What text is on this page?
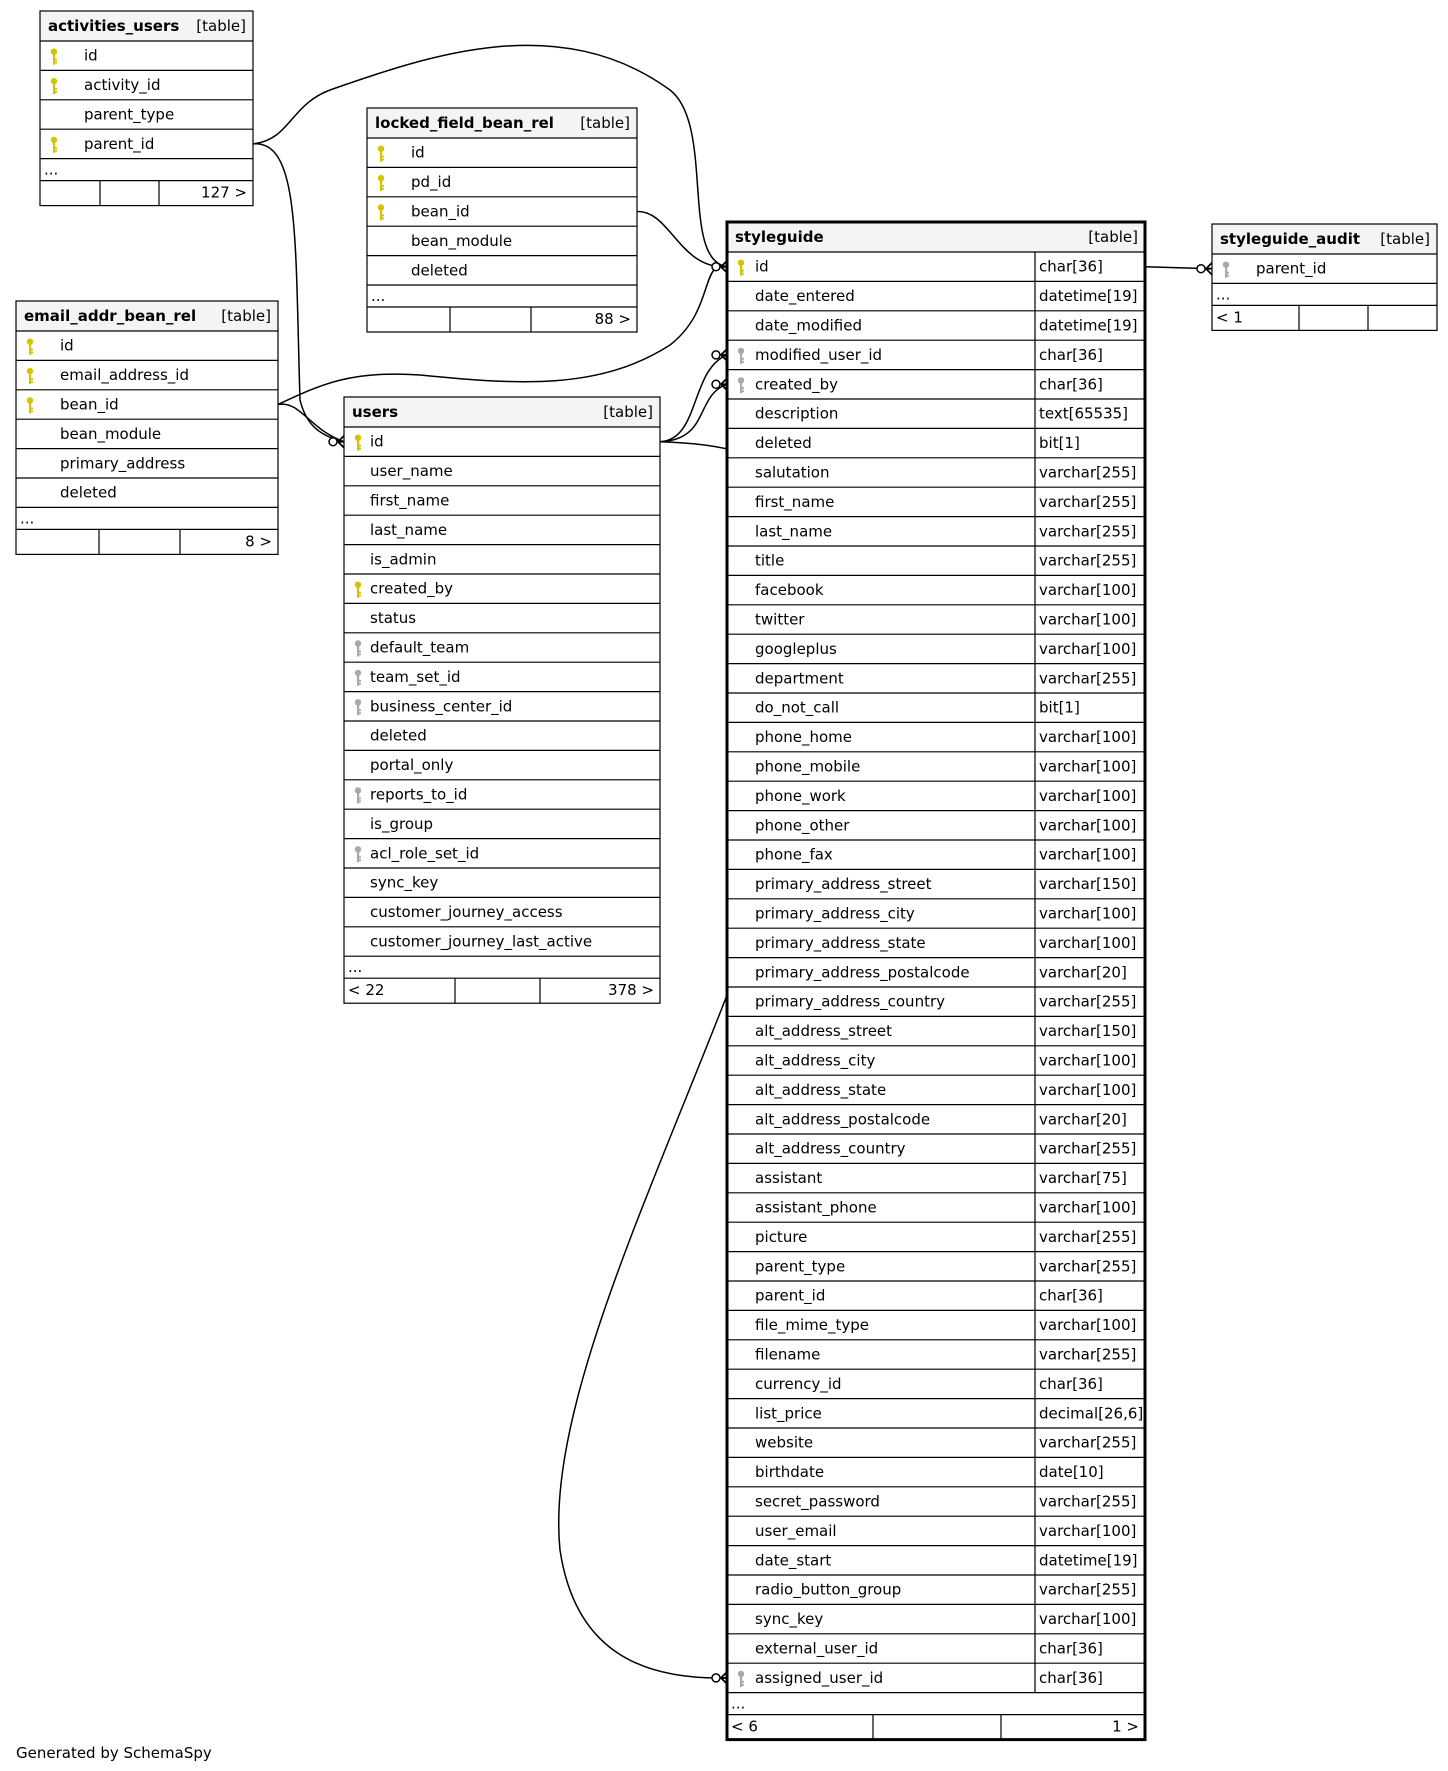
activities_users [table]
id
activity_id
parent_type
parent_id
...
127 >
locked_field_bean_rel [table]
id
pd_id
bean_id
bean_module
deleted
...
88 >
email_addr_bean_rel [table]
id
email_address_id
bean_id
bean_module
primary_address
deleted
...
8 >
users	[table]
id
user_name
first_name
last_name
is_admin
created_by
status
default_team
team_set_id
business_center_id
deleted
portal_only
reports_to_id
is_group
acl_role_set_id
sync_key
customer_journey_access
customer_journey_last_active
...
< 22	378 >
styleguide	[table]
id	char[36]
date_entered	datetime[19]
date_modified	datetime[19]
modified_user_id	char[36]
created_by	char[36]
description	text[65535]
deleted	bit[1]
salutation	varchar[255]
first_name	varchar[255]
last_name	varchar[255]
title	varchar[255]
facebook	varchar[100]
twitter	varchar[100]
googleplus	varchar[100]
department	varchar[255]
do_not_call	bit[1]
phone_home	varchar[100]
phone_mobile	varchar[100]
phone_work	varchar[100]
phone_other	varchar[100]
phone_fax	varchar[100]
primary_address_street	varchar[150]
primary_address_city	varchar[100]
primary_address_state	varchar[100]
primary_address_postalcode	varchar[20]
primary_address_country	varchar[255]
alt_address_street	varchar[150]
alt_address_city	varchar[100]
alt_address_state	varchar[100]
alt_address_postalcode	varchar[20]
alt_address_country	varchar[255]
assistant	varchar[75]
assistant_phone	varchar[100]
picture	varchar[255]
parent_type	varchar[255]
parent_id	char[36]
file_mime_type	varchar[100]
filename	varchar[255]
currency_id	char[36]
list_price	decimal[26,6]
website	varchar[255]
birthdate	date[10]
secret_password	varchar[255]
user_email	varchar[100]
date_start	datetime[19]
radio_button_group	varchar[255]
sync_key	varchar[100]
external_user_id	char[36]
assigned_user_id	char[36]
...
< 6	1 >
styleguide_audit [table]
parent_id
...
< 1
Generated by SchemaSpy
